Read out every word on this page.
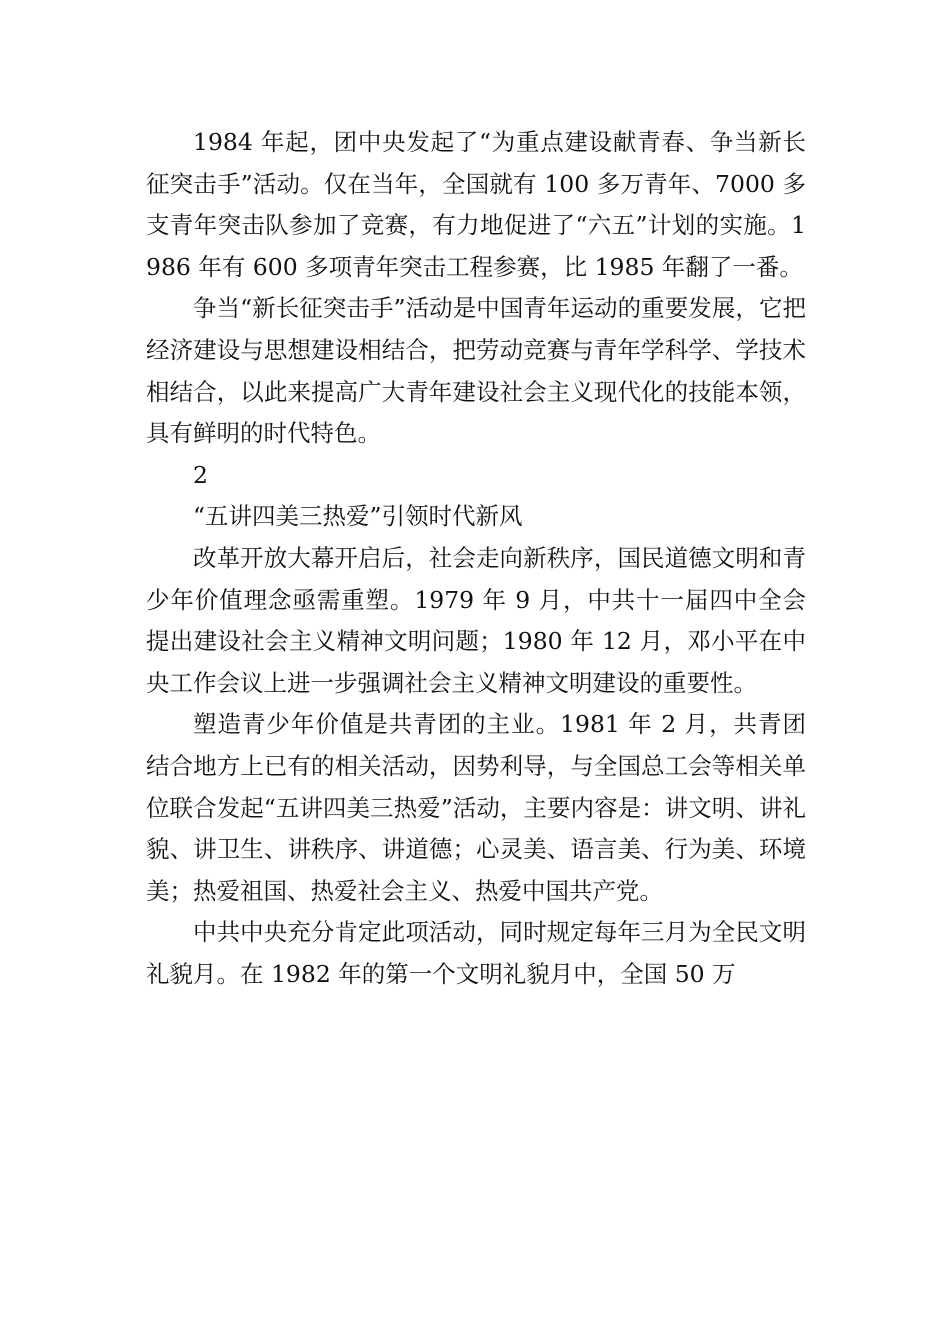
1984 年起，团中央发起了“为重点建设献青春、争当新长征突击手”活动。仅在当年，全国就有 100 多万青年、7000 多支青年突击队参加了竞赛，有力地促进了“六五”计划的实施。1986 年有 600 多项青年突击工程参赛，比 1985 年翻了一番。

争当“新长征突击手”活动是中国青年运动的重要发展，它把经济建设与思想建设相结合，把劳动竞赛与青年学科学、学技术相结合，以此来提高广大青年建设社会主义现代化的技能本领，具有鲜明的时代特色。

2

“五讲四美三热爱”引领时代新风

改革开放大幕开启后，社会走向新秩序，国民道德文明和青少年价值理念亟需重塑。1979 年 9 月，中共十一届四中全会提出建设社会主义精神文明问题；1980 年 12 月，邓小平在中央工作会议上进一步强调社会主义精神文明建设的重要性。

塑造青少年价值是共青团的主业。1981 年 2 月，共青团结合地方上已有的相关活动，因势利导，与全国总工会等相关单位联合发起“五讲四美三热爱”活动，主要内容是：讲文明、讲礼貌、讲卫生、讲秩序、讲道德；心灵美、语言美、行为美、环境美；热爱祖国、热爱社会主义、热爱中国共产党。

中共中央充分肯定此项活动，同时规定每年三月为全民文明礼貌月。在 1982 年的第一个文明礼貌月中，全国 50 万
